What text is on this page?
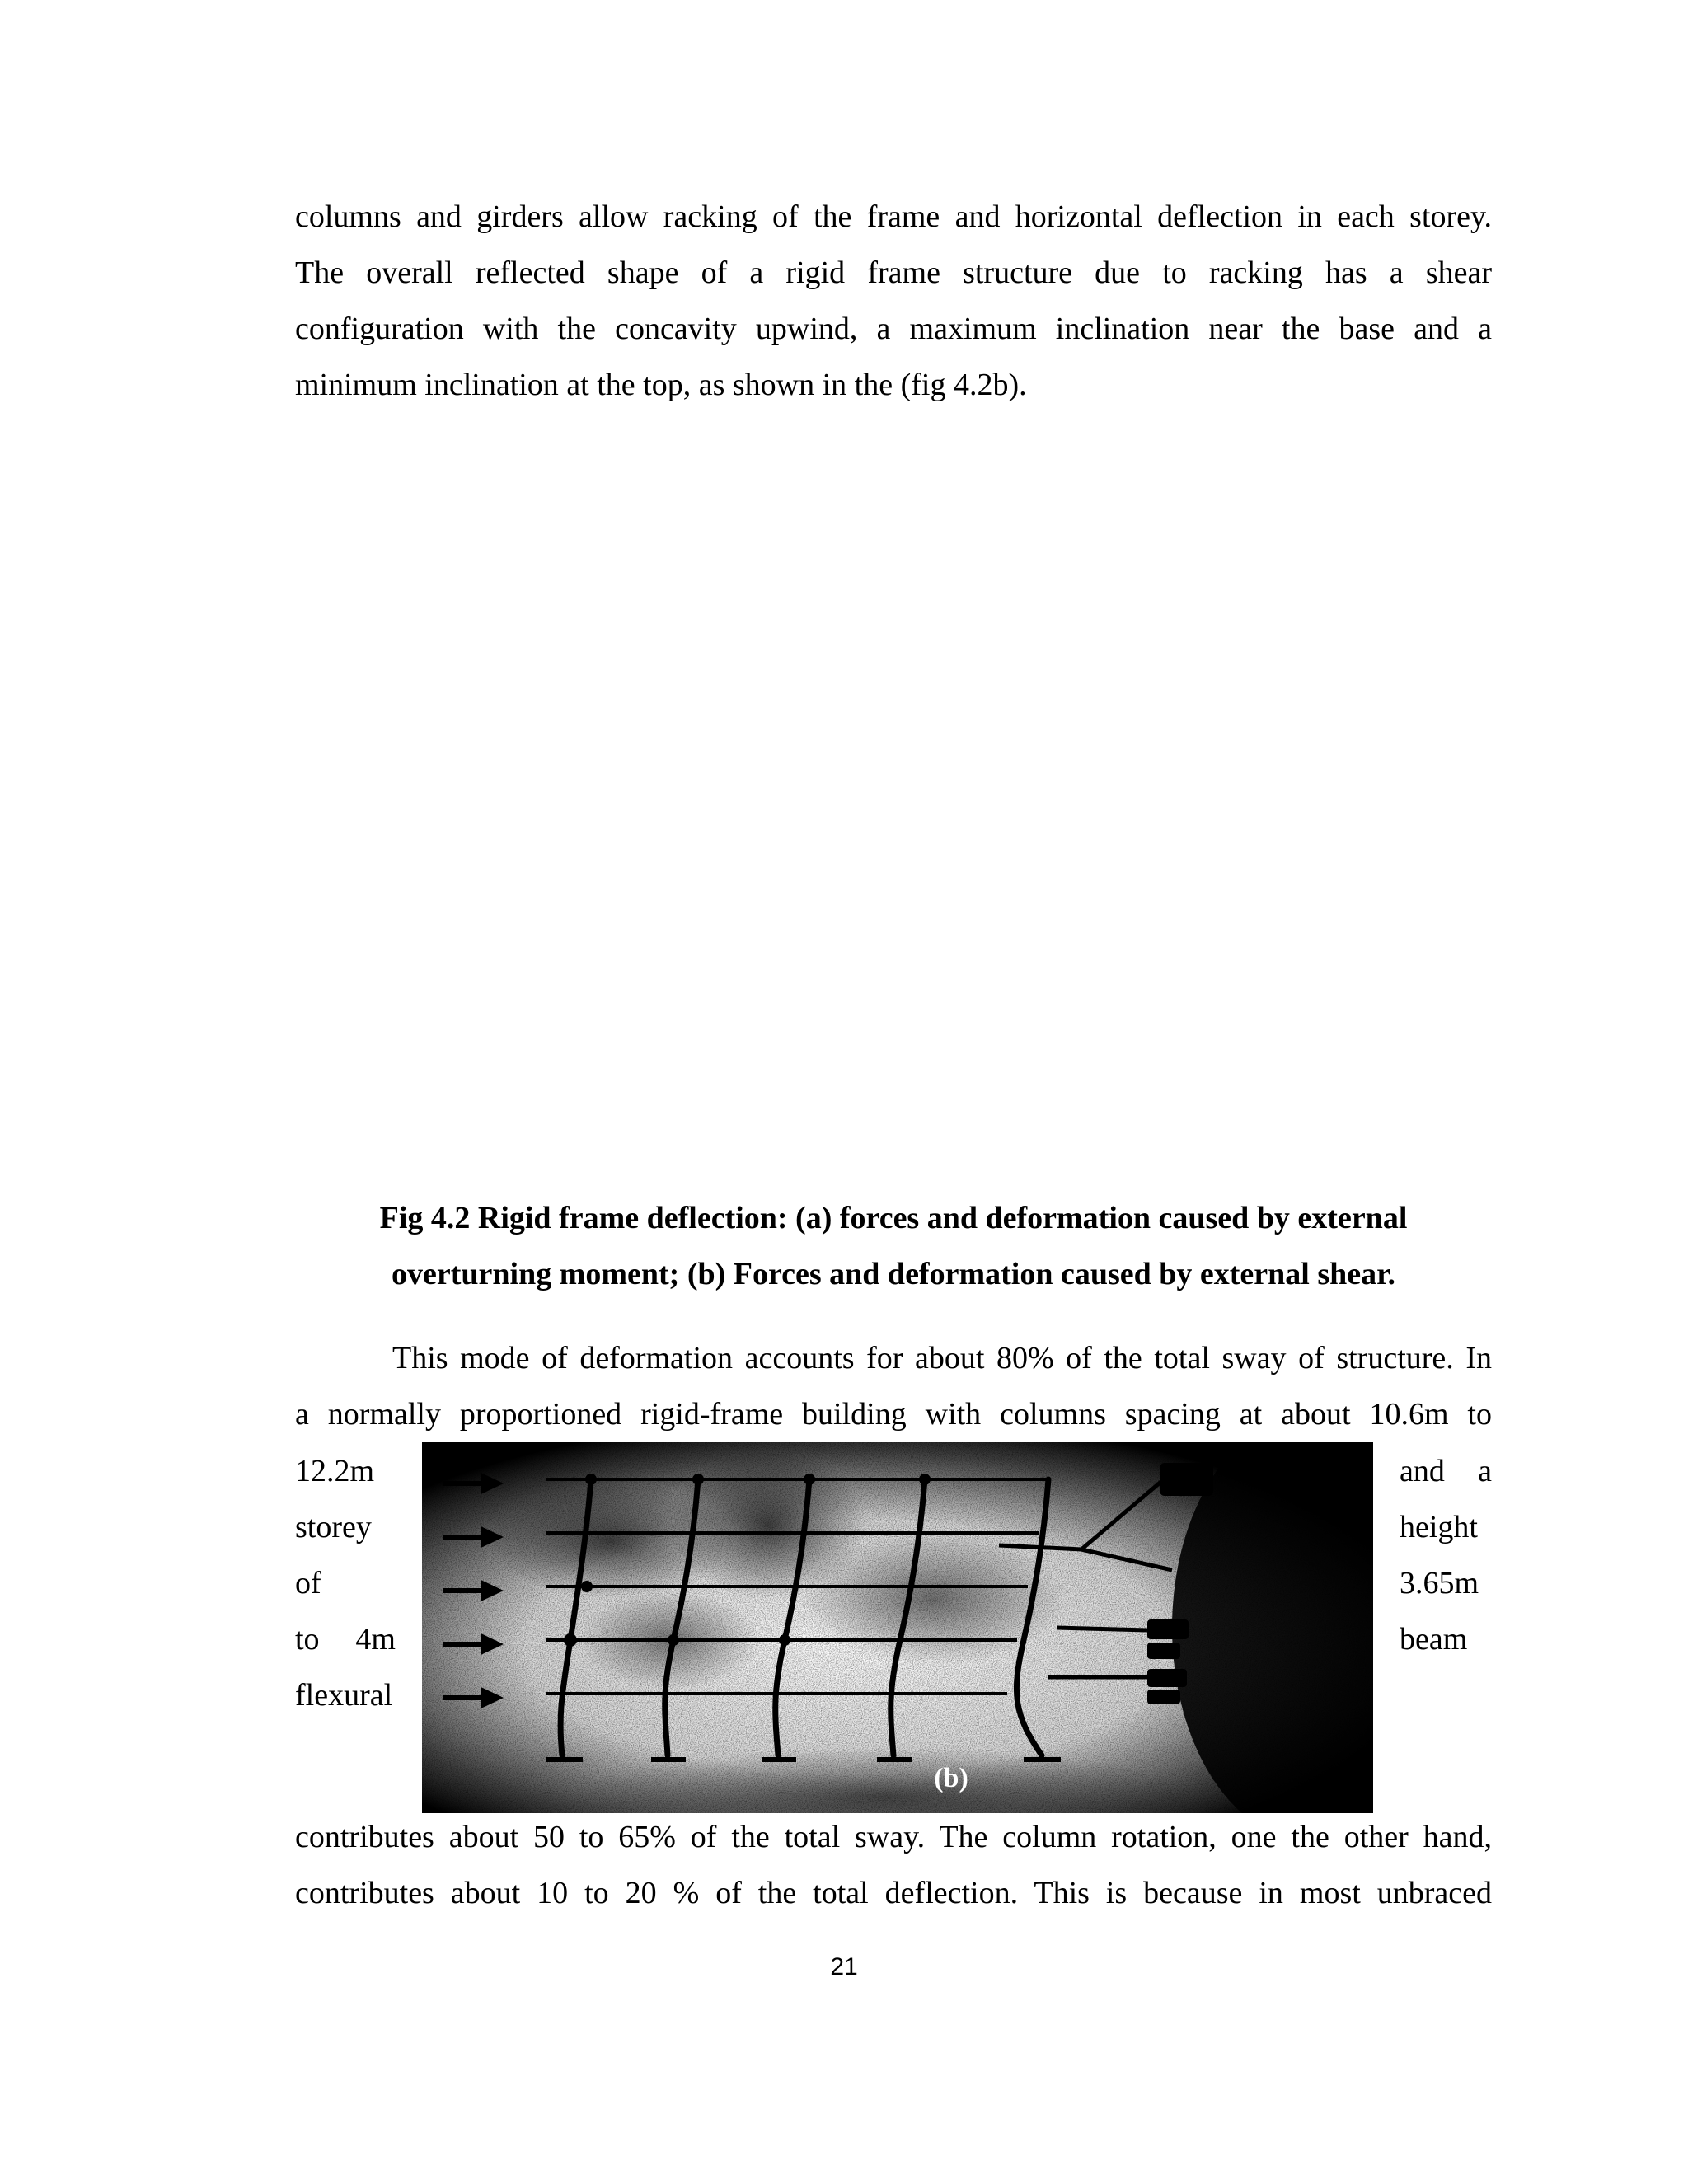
columns and girders allow racking of the frame and horizontal deflection in each storey.
The overall reflected shape of a rigid frame structure due to racking has a shear
configuration with the concavity upwind, a maximum inclination near the base and a
minimum inclination at the top, as shown in the (fig 4.2b).
Fig 4.2 Rigid frame deflection: (a) forces and deformation caused by external
overturning moment; (b) Forces and deformation caused by external shear.
This mode of deformation accounts for about 80% of the total sway of structure. In
a normally proportioned rigid-frame building with columns spacing at about 10.6m to
12.2m
storey
of
to 4m
flexural
and a
height
3.65m
beam
(b)
contributes about 50 to 65% of the total sway. The column rotation, one the other hand,
contributes about 10 to 20 % of the total deflection. This is because in most unbraced
21
